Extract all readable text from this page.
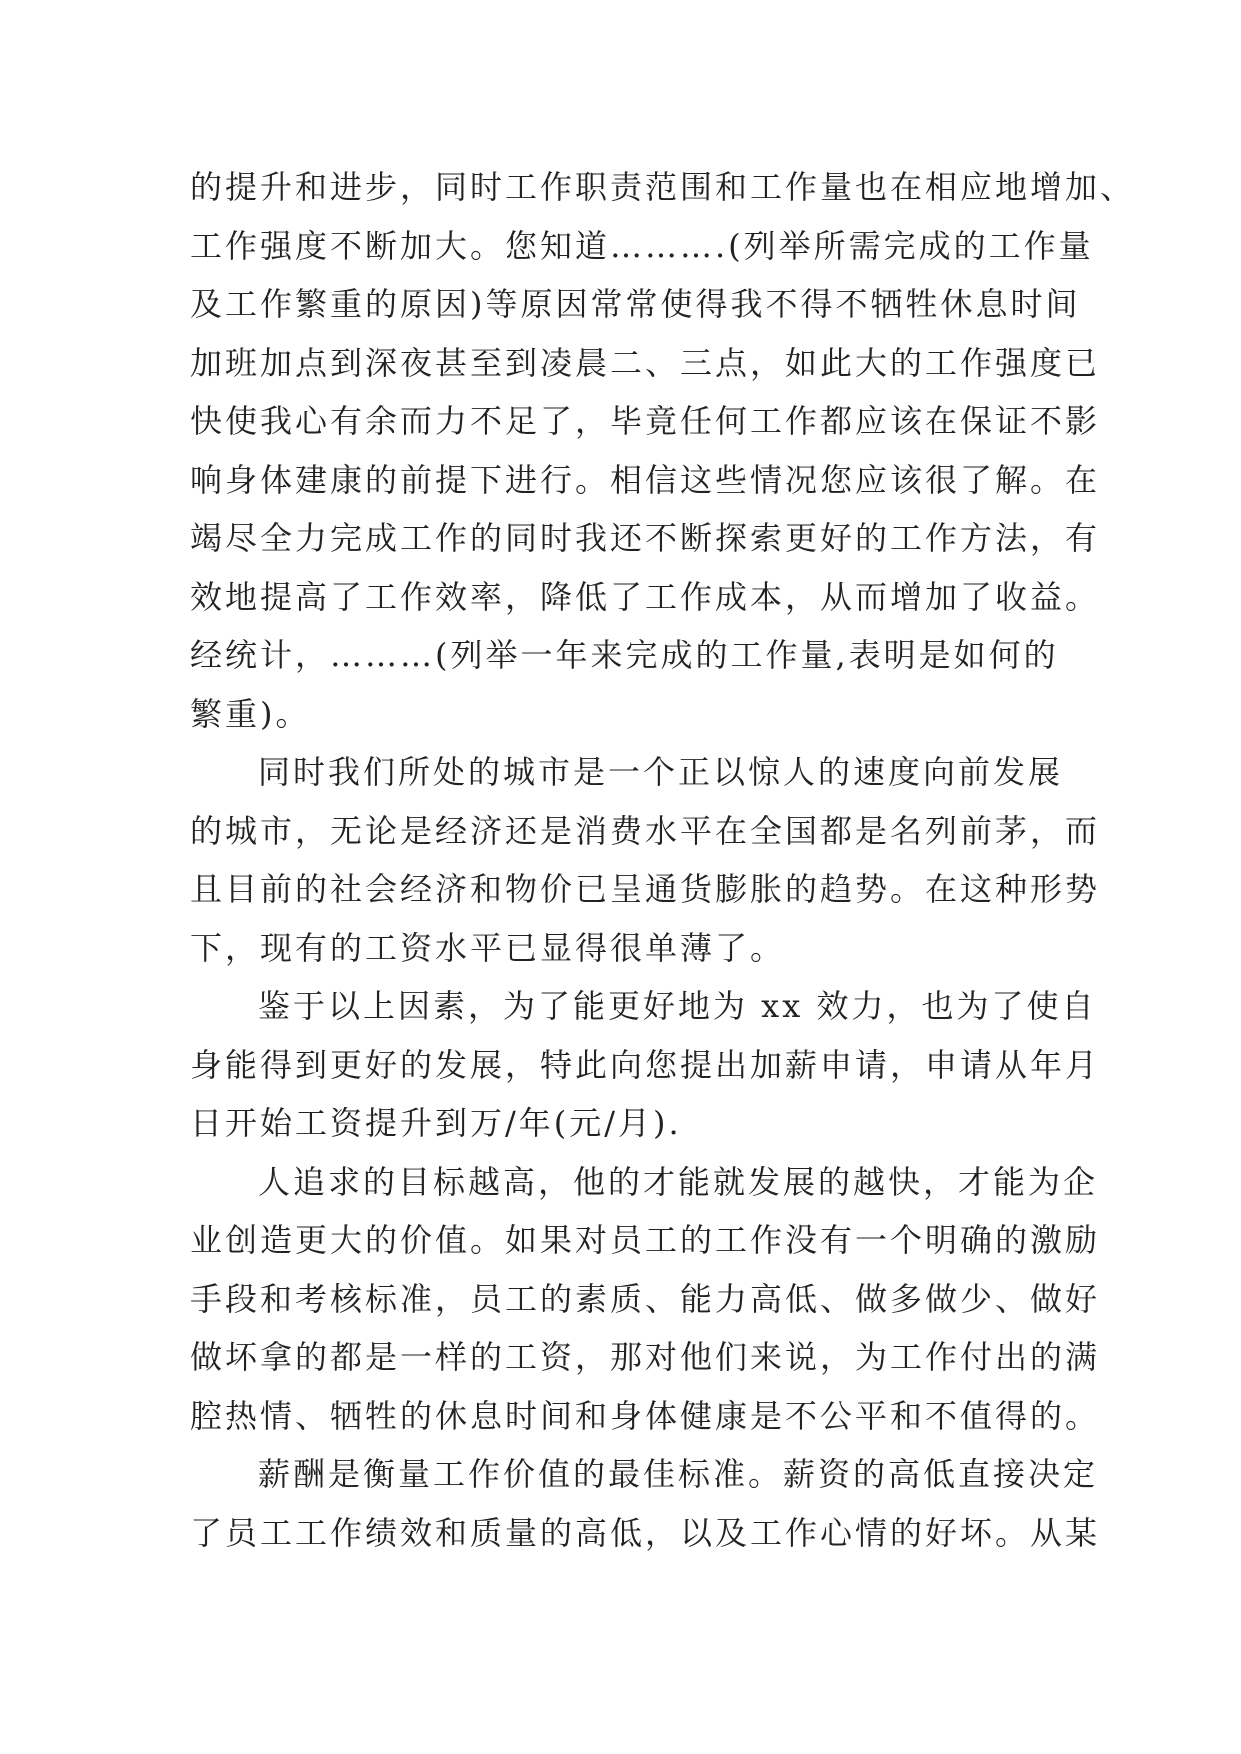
的提升和进步，同时工作职责范围和工作量也在相应地增加、
工作强度不断加大。您知道……….(列举所需完成的工作量
及工作繁重的原因)等原因常常使得我不得不牺牲休息时间
加班加点到深夜甚至到凌晨二、三点，如此大的工作强度已
快使我心有余而力不足了，毕竟任何工作都应该在保证不影
响身体建康的前提下进行。相信这些情况您应该很了解。在
竭尽全力完成工作的同时我还不断探索更好的工作方法，有
效地提高了工作效率，降低了工作成本，从而增加了收益。
经统计，………(列举一年来完成的工作量,表明是如何的
繁重)。
同时我们所处的城市是一个正以惊人的速度向前发展
的城市，无论是经济还是消费水平在全国都是名列前茅，而
且目前的社会经济和物价已呈通货膨胀的趋势。在这种形势
下，现有的工资水平已显得很单薄了。
鉴于以上因素，为了能更好地为 xx 效力，也为了使自
身能得到更好的发展，特此向您提出加薪申请，申请从年月
日开始工资提升到万/年(元/月).
人追求的目标越高，他的才能就发展的越快，才能为企
业创造更大的价值。如果对员工的工作没有一个明确的激励
手段和考核标准，员工的素质、能力高低、做多做少、做好
做坏拿的都是一样的工资，那对他们来说，为工作付出的满
腔热情、牺牲的休息时间和身体健康是不公平和不值得的。
薪酬是衡量工作价值的最佳标准。薪资的高低直接决定
了员工工作绩效和质量的高低，以及工作心情的好坏。从某
